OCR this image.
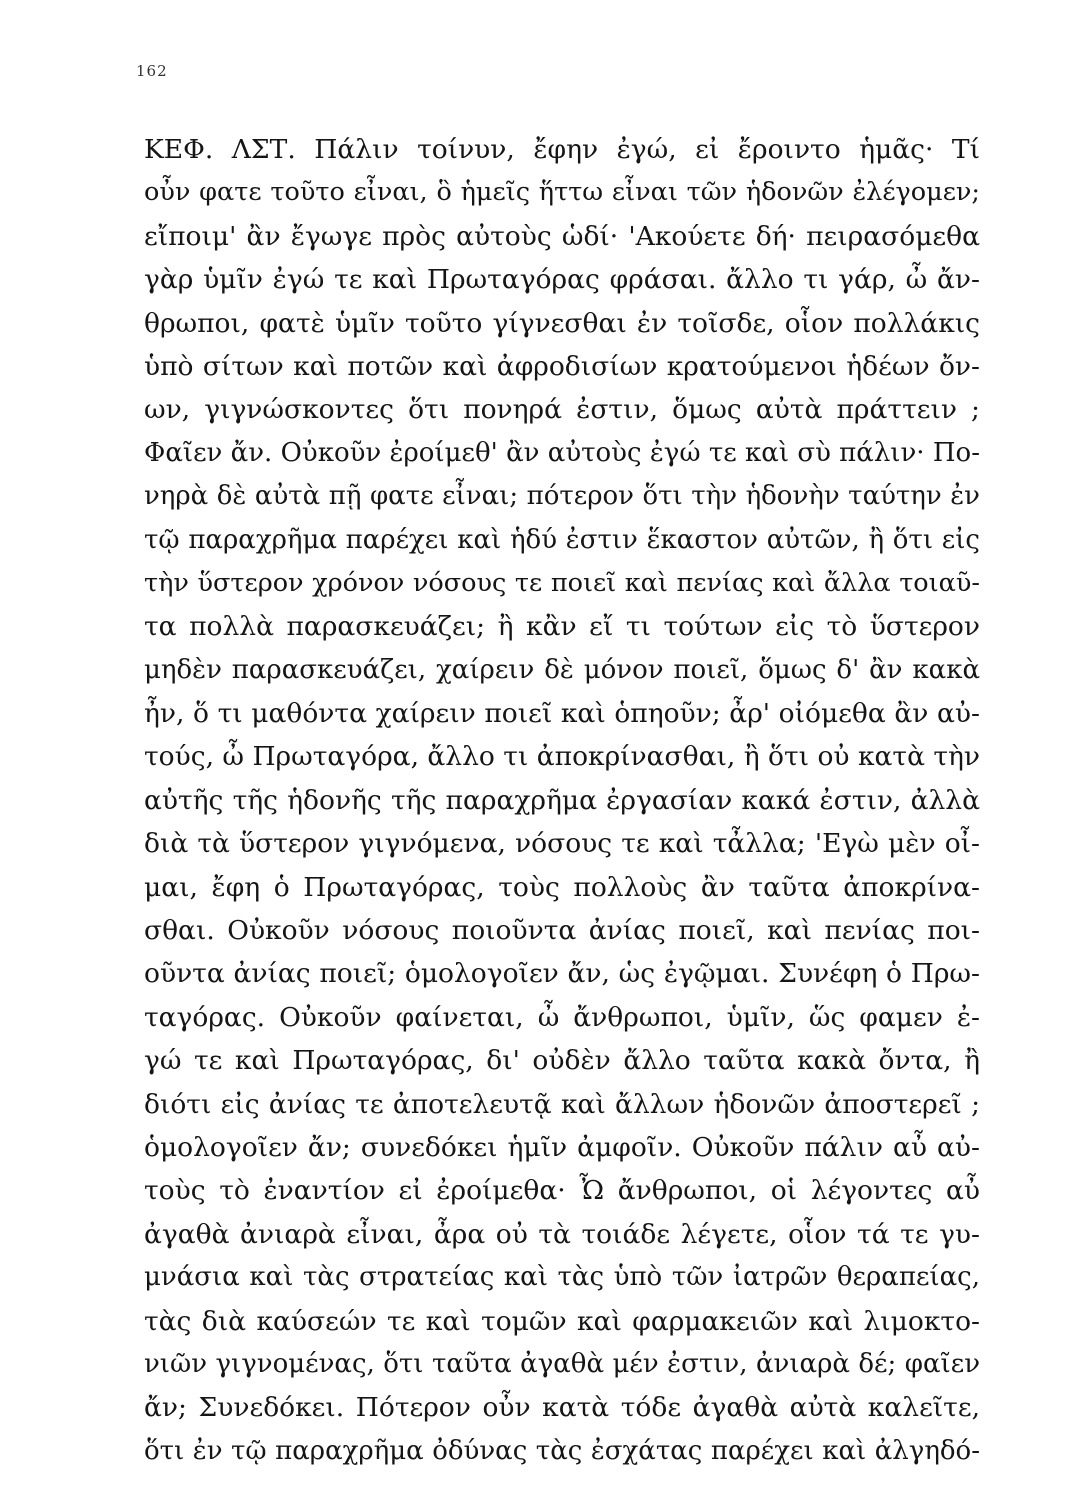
162
ΚΕΦ. ΛΣΤ. Πάλιν τοίνυν, ἔφην ἐγώ, εἰ ἔροιντο ἡμᾶς· Τί
οὖν φατε τοῦτο εἶναι, ὃ ἡμεῖς ἥττω εἶναι τῶν ἡδονῶν ἐλέγομεν;
εἴποιμ' ἂν ἔγωγε πρὸς αὐτοὺς ὡδί· 'Ακούετε δή· πειρασόμεθα
γὰρ ὑμῖν ἐγώ τε καὶ Πρωταγόρας φράσαι. ἄλλο τι γάρ, ὦ ἄν-
θρωποι, φατὲ ὑμῖν τοῦτο γίγνεσθαι ἐν τοῖσδε, οἷον πολλάκις
ὑπὸ σίτων καὶ ποτῶν καὶ ἀφροδισίων κρατούμενοι ἡδέων ὄν-
ων, γιγνώσκοντες ὅτι πονηρά ἐστιν, ὅμως αὐτὰ πράττειν ;
Φαῖεν ἄν. Οὐκοῦν ἐροίμεθ' ἂν αὐτοὺς ἐγώ τε καὶ σὺ πάλιν· Πο-
νηρὰ δὲ αὐτὰ πῇ φατε εἶναι; πότερον ὅτι τὴν ἡδονὴν ταύτην ἐν
τῷ παραχρῆμα παρέχει καὶ ἡδύ ἐστιν ἕκαστον αὐτῶν, ἢ ὅτι εἰς
τὴν ὕστερον χρόνον νόσους τε ποιεῖ καὶ πενίας καὶ ἄλλα τοιαῦ-
τα πολλὰ παρασκευάζει; ἢ κἂν εἴ τι τούτων εἰς τὸ ὕστερον
μηδὲν παρασκευάζει, χαίρειν δὲ μόνον ποιεῖ, ὅμως δ' ἂν κακὰ
ἦν, ὅ τι μαθόντα χαίρειν ποιεῖ καὶ ὁπηοῦν; ἆρ' οἰόμεθα ἂν αὐ-
τούς, ὦ Πρωταγόρα, ἄλλο τι ἀποκρίνασθαι, ἢ ὅτι οὐ κατὰ τὴν
αὐτῆς τῆς ἡδονῆς τῆς παραχρῆμα ἐργασίαν κακά ἐστιν, ἀλλὰ
διὰ τὰ ὕστερον γιγνόμενα, νόσους τε καὶ τἆλλα; 'Εγὼ μὲν οἶ-
μαι, ἔφη ὁ Πρωταγόρας, τοὺς πολλοὺς ἂν ταῦτα ἀποκρίνα-
σθαι. Οὐκοῦν νόσους ποιοῦντα ἀνίας ποιεῖ, καὶ πενίας ποι-
οῦντα ἀνίας ποιεῖ; ὁμολογοῖεν ἄν, ὡς ἐγῷμαι. Συνέφη ὁ Πρω-
ταγόρας. Οὐκοῦν φαίνεται, ὦ ἄνθρωποι, ὑμῖν, ὥς φαμεν ἐ-
γώ τε καὶ Πρωταγόρας, δι' οὐδὲν ἄλλο ταῦτα κακὰ ὄντα, ἢ
διότι εἰς ἀνίας τε ἀποτελευτᾷ καὶ ἄλλων ἡδονῶν ἀποστερεῖ ;
ὁμολογοῖεν ἄν; συνεδόκει ἡμῖν ἀμφοῖν. Οὐκοῦν πάλιν αὖ αὐ-
τοὺς τὸ ἐναντίον εἰ ἐροίμεθα· Ὦ ἄνθρωποι, οἱ λέγοντες αὖ
ἀγαθὰ ἀνιαρὰ εἶναι, ἆρα οὐ τὰ τοιάδε λέγετε, οἷον τά τε γυ-
μνάσια καὶ τὰς στρατείας καὶ τὰς ὑπὸ τῶν ἰατρῶν θεραπείας,
τὰς διὰ καύσεών τε καὶ τομῶν καὶ φαρμακειῶν καὶ λιμοκτο-
νιῶν γιγνομένας, ὅτι ταῦτα ἀγαθὰ μέν ἐστιν, ἀνιαρὰ δέ; φαῖεν
ἄν; Συνεδόκει. Πότερον οὖν κατὰ τόδε ἀγαθὰ αὐτὰ καλεῖτε,
ὅτι ἐν τῷ παραχρῆμα ὀδύνας τὰς ἐσχάτας παρέχει καὶ ἀλγηδό-
